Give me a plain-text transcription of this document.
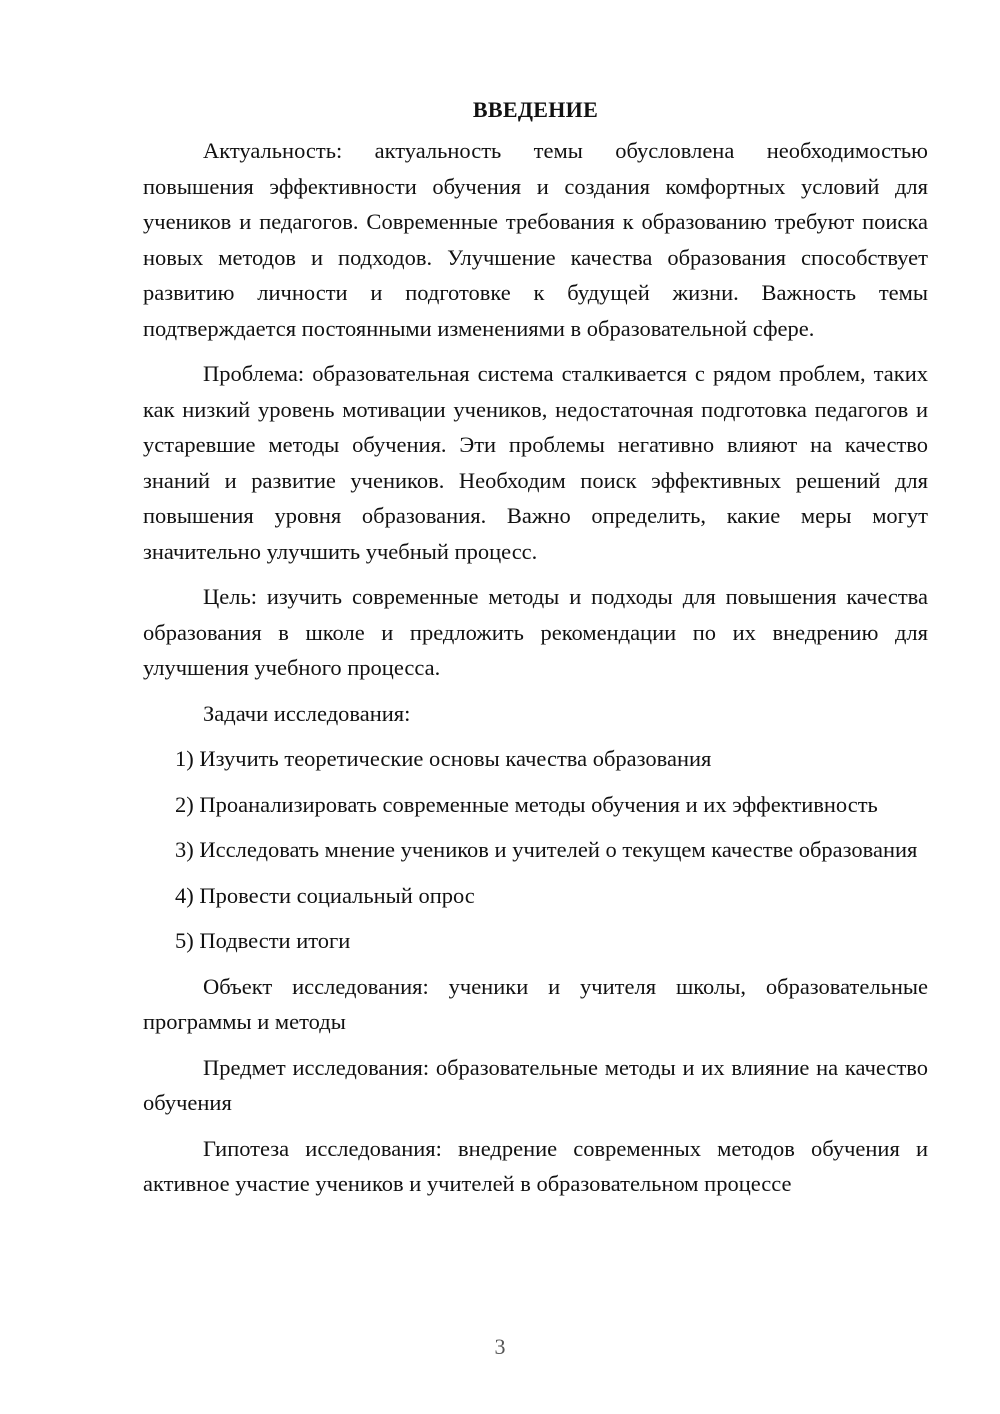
ВВЕДЕНИЕ

Актуальность: актуальность темы обусловлена необходимостью повышения эффективности обучения и создания комфортных условий для учеников и педагогов. Современные требования к образованию требуют поиска новых методов и подходов. Улучшение качества образования способствует развитию личности и подготовке к будущей жизни. Важность темы подтверждается постоянными изменениями в образовательной сфере.

Проблема: образовательная система сталкивается с рядом проблем, таких как низкий уровень мотивации учеников, недостаточная подготовка педагогов и устаревшие методы обучения. Эти проблемы негативно влияют на качество знаний и развитие учеников. Необходим поиск эффективных решений для повышения уровня образования. Важно определить, какие меры могут значительно улучшить учебный процесс.

Цель: изучить современные методы и подходы для повышения качества образования в школе и предложить рекомендации по их внедрению для улучшения учебного процесса.

Задачи исследования:

1) Изучить теоретические основы качества образования

2) Проанализировать современные методы обучения и их эффективность

3) Исследовать мнение учеников и учителей о текущем качестве образования

4) Провести социальный опрос

5) Подвести итоги

Объект исследования: ученики и учителя школы, образовательные программы и методы

Предмет исследования: образовательные методы и их влияние на качество обучения

Гипотеза исследования: внедрение современных методов обучения и активное участие учеников и учителей в образовательном процессе

3
